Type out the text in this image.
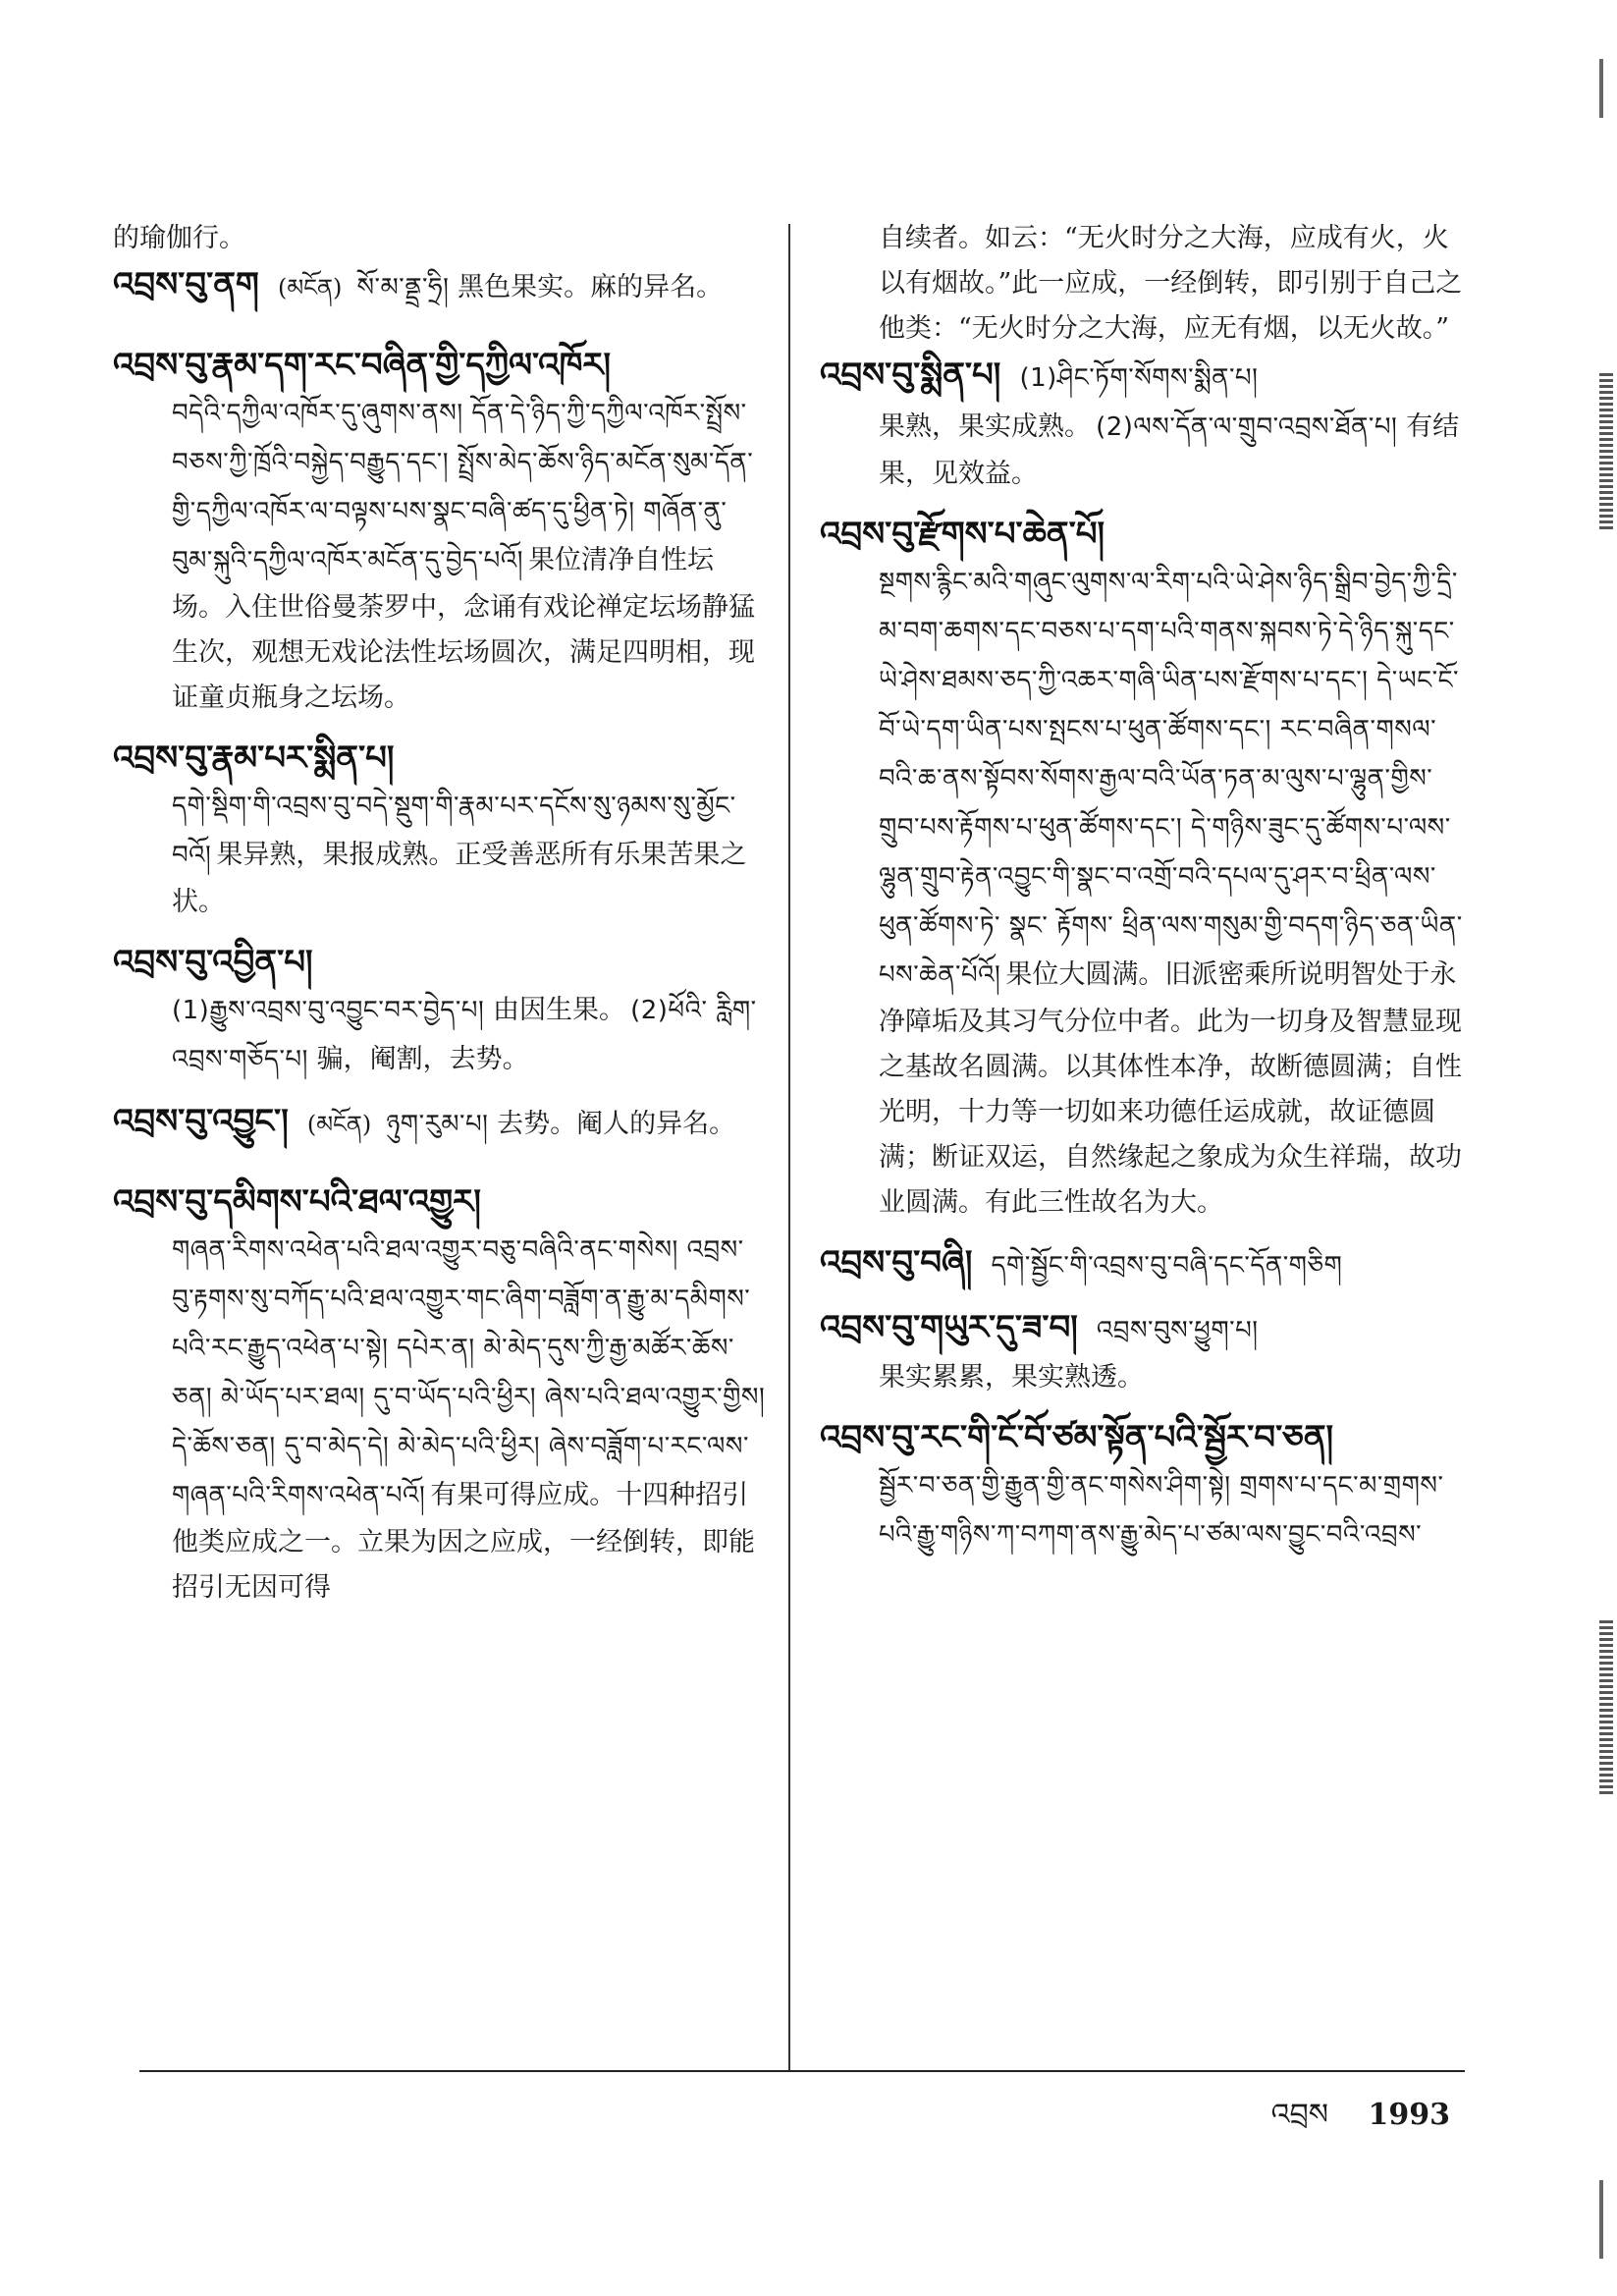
的瑜伽行。
འབྲས་བུ་ནག (མངོན) སོ་མ་ནྡྲ་ཧྲི། 黑色果实。麻的异名。
འབྲས་བུ་རྣམ་དག་རང་བཞིན་གྱི་དཀྱིལ་འཁོར།
བདེའི་དཀྱིལ་འཁོར་དུ་ཞུགས་ནས། དོན་དེ་ཉིད་ཀྱི་དཀྱིལ་འཁོར་སྤྲོས་བཅས་ཀྱི་ཁྲོའི་བསྐྱེད་བརྒྱུད་དང་། སྤྲོས་མེད་ཆོས་ཉིད་མངོན་སུམ་དོན་གྱི་དཀྱིལ་འཁོར་ལ་བལྟས་པས་སྣང་བཞི་ཚད་དུ་ཕྱིན་ཏེ། གཞོན་ནུ་བུམ་སྐུའི་དཀྱིལ་འཁོར་མངོན་དུ་བྱེད་པའོ། 果位清净自性坛场。入住世俗曼荼罗中，念诵有戏论禅定坛场静猛生次，观想无戏论法性坛场圆次，满足四明相，现证童贞瓶身之坛场。
འབྲས་བུ་རྣམ་པར་སྨིན་པ།
དགེ་སྡིག་གི་འབྲས་བུ་བདེ་སྡུག་གི་རྣམ་པར་དངོས་སུ་ཉམས་སུ་མྱོང་བའོ། 果异熟，果报成熟。正受善恶所有乐果苦果之状。
འབྲས་བུ་འབྱིན་པ།
(1)རྒྱུས་འབྲས་བུ་འབྱུང་བར་བྱེད་པ། 由因生果。 (2)ཕོའི་ རླིག་འབྲས་གཅོད་པ། 骗，阉割，去势。
འབྲས་བུ་འབྱུང་། (མངོན) ཉུག་རུམ་པ། 去势。阉人的异名。
འབྲས་བུ་དམིགས་པའི་ཐལ་འགྱུར།
གཞན་རིགས་འཕེན་པའི་ཐལ་འགྱུར་བཅུ་བཞིའི་ནང་གསེས། འབྲས་བུ་རྟགས་སུ་བཀོད་པའི་ཐལ་འགྱུར་གང་ཞིག་བཟློག་ན་རྒྱུ་མ་དམིགས་པའི་རང་རྒྱུད་འཕེན་པ་སྟེ། དཔེར་ན། མེ་མེད་དུས་ཀྱི་རྒྱ་མཚོར་ཆོས་ཅན། མེ་ཡོད་པར་ཐལ། དུ་བ་ཡོད་པའི་ཕྱིར། ཞེས་པའི་ཐལ་འགྱུར་གྱིས། དེ་ཆོས་ཅན། དུ་བ་མེད་དེ། མེ་མེད་པའི་ཕྱིར། ཞེས་བཟློག་པ་རང་ལས་གཞན་པའི་རིགས་འཕེན་པའོ། 有果可得应成。十四种招引他类应成之一。立果为因之应成，一经倒转，即能招引无因可得
自续者。如云：“无火时分之大海，应成有火，火以有烟故。”此一应成，一经倒转，即引别于自己之他类：“无火时分之大海，应无有烟，以无火故。”
འབྲས་བུ་སྨིན་པ། (1)ཤིང་ཏོག་སོགས་སྨིན་པ།
果熟，果实成熟。 (2)ལས་དོན་ལ་གྲུབ་འབྲས་ཐོན་པ། 有结果，见效益。
འབྲས་བུ་རྫོགས་པ་ཆེན་པོ།
སྔགས་རྙིང་མའི་གཞུང་ལུགས་ལ་རིག་པའི་ཡེ་ཤེས་ཉིད་སྒྲིབ་བྱེད་ཀྱི་དྲི་མ་བག་ཆགས་དང་བཅས་པ་དག་པའི་གནས་སྐབས་ཏེ་དེ་ཉིད་སྐུ་དང་ཡེ་ཤེས་ཐམས་ཅད་ཀྱི་འཆར་གཞི་ཡིན་པས་རྫོགས་པ་དང་། དེ་ཡང་ངོ་བོ་ཡེ་དག་ཡིན་པས་སྤངས་པ་ཕུན་ཚོགས་དང་། རང་བཞིན་གསལ་བའི་ཆ་ནས་སྟོབས་སོགས་རྒྱལ་བའི་ཡོན་ཏན་མ་ལུས་པ་ལྷུན་གྱིས་གྲུབ་པས་རྟོགས་པ་ཕུན་ཚོགས་དང་། དེ་གཉིས་ཟུང་དུ་ཚོགས་པ་ལས་ལྷུན་གྲུབ་རྟེན་འབྱུང་གི་སྣང་བ་འགྲོ་བའི་དཔལ་དུ་ཤར་བ་ཕྲིན་ལས་ཕུན་ཚོགས་ཏེ་ སྣང་ རྟོགས་ ཕྲིན་ལས་གསུམ་གྱི་བདག་ཉིད་ཅན་ཡིན་པས་ཆེན་པོའོ། 果位大圆满。旧派密乘所说明智处于永净障垢及其习气分位中者。此为一切身及智慧显现之基故名圆满。以其体性本净，故断德圆满；自性光明，十力等一切如来功德任运成就，故证德圆满；断证双运，自然缘起之象成为众生祥瑞，故功业圆满。有此三性故名为大。
འབྲས་བུ་བཞི། དགེ་སྦྱོང་གི་འབྲས་བུ་བཞི་དང་དོན་གཅིག
འབྲས་བུ་གཡུར་དུ་ཟ་བ། འབྲས་བུས་ཕྱུག་པ།
果实累累，果实熟透。
འབྲས་བུ་རང་གི་ངོ་བོ་ཙམ་སྟོན་པའི་སྦྱོར་བ་ཅན།
སྦྱོར་བ་ཅན་གྱི་རྒྱུན་གྱི་ནང་གསེས་ཤིག་སྟེ། གྲགས་པ་དང་མ་གྲགས་པའི་རྒྱུ་གཉིས་ཀ་བཀག་ནས་རྒྱུ་མེད་པ་ཙམ་ལས་བྱུང་བའི་འབྲས་
འབྲས 1993
